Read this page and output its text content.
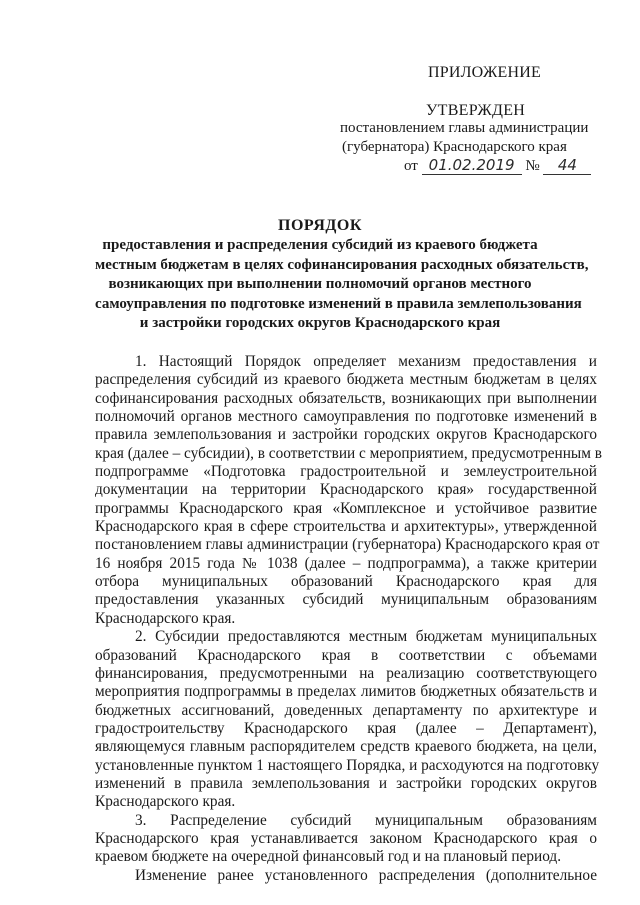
ПРИЛОЖЕНИЕ
УТВЕРЖДЕН
постановлением главы администрации
(губернатора) Краснодарского края
от 01.02.2019 № 44
ПОРЯДОК
предоставления и распределения субсидий из краевого бюджета
местным бюджетам в целях софинансирования расходных обязательств,
возникающих при выполнении полномочий органов местного
самоуправления по подготовке изменений в правила землепользования
и застройки городских округов Краснодарского края
1. Настоящий Порядок определяет механизм предоставления и
распределения субсидий из краевого бюджета местным бюджетам в целях
софинансирования расходных обязательств, возникающих при выполнении
полномочий органов местного самоуправления по подготовке изменений в
правила землепользования и застройки городских округов Краснодарского
края (далее – субсидии), в соответствии с мероприятием, предусмотренным в
подпрограмме «Подготовка градостроительной и землеустроительной
документации на территории Краснодарского края» государственной
программы Краснодарского края «Комплексное и устойчивое развитие
Краснодарского края в сфере строительства и архитектуры», утвержденной
постановлением главы администрации (губернатора) Краснодарского края от
16 ноября 2015 года № 1038 (далее – подпрограмма), а также критерии
отбора муниципальных образований Краснодарского края для
предоставления указанных субсидий муниципальным образованиям
Краснодарского края.
2. Субсидии предоставляются местным бюджетам муниципальных
образований Краснодарского края в соответствии с объемами
финансирования, предусмотренными на реализацию соответствующего
мероприятия подпрограммы в пределах лимитов бюджетных обязательств и
бюджетных ассигнований, доведенных департаменту по архитектуре и
градостроительству Краснодарского края (далее – Департамент),
являющемуся главным распорядителем средств краевого бюджета, на цели,
установленные пунктом 1 настоящего Порядка, и расходуются на подготовку
изменений в правила землепользования и застройки городских округов
Краснодарского края.
3. Распределение субсидий муниципальным образованиям
Краснодарского края устанавливается законом Краснодарского края о
краевом бюджете на очередной финансовый год и на плановый период.
Изменение ранее установленного распределения (дополнительное
